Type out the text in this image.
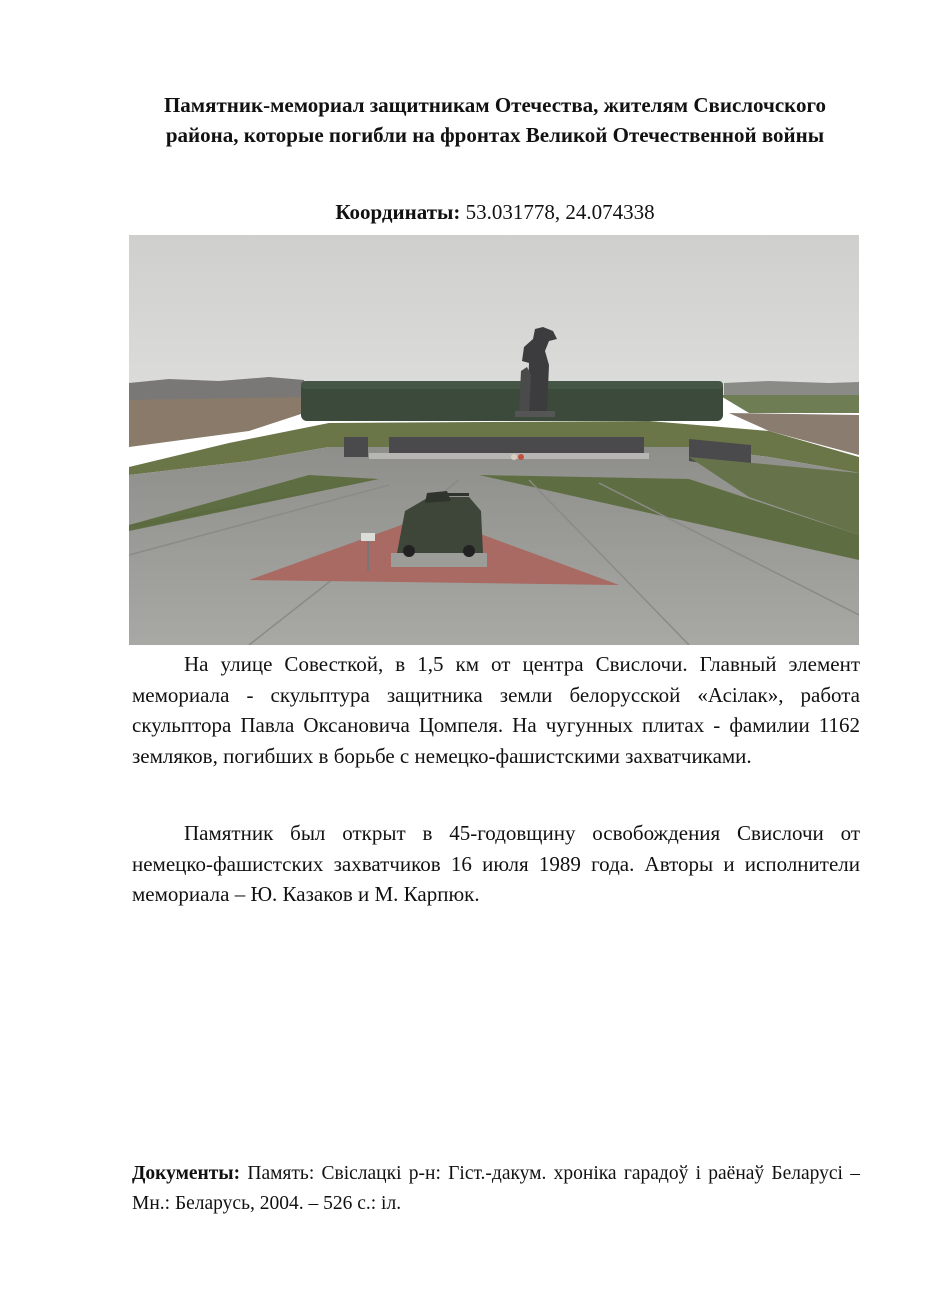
Памятник-мемориал защитникам Отечества, жителям Свислочского района, которые погибли на фронтах Великой Отечественной войны

Координаты: 53.031778, 24.074338

На улице Совесткой, в 1,5 км от центра Свислочи. Главный элемент мемориала - скульптура защитника земли белорусской «Асілак», работа скульптора Павла Оксановича Цомпеля. На чугунных плитах - фамилии 1162 земляков, погибших в борьбе с немецко-фашистскими захватчиками.

Памятник был открыт в 45-годовщину освобождения Свислочи от немецко-фашистских захватчиков 16 июля 1989 года. Авторы и исполнители мемориала – Ю. Казаков и М. Карпюк.

Документы: Память: Свіслацкі р-н: Гіст.-дакум. хроніка гарадоў і раёнаў Беларусі – Мн.: Беларусь, 2004. – 526 с.: іл.
